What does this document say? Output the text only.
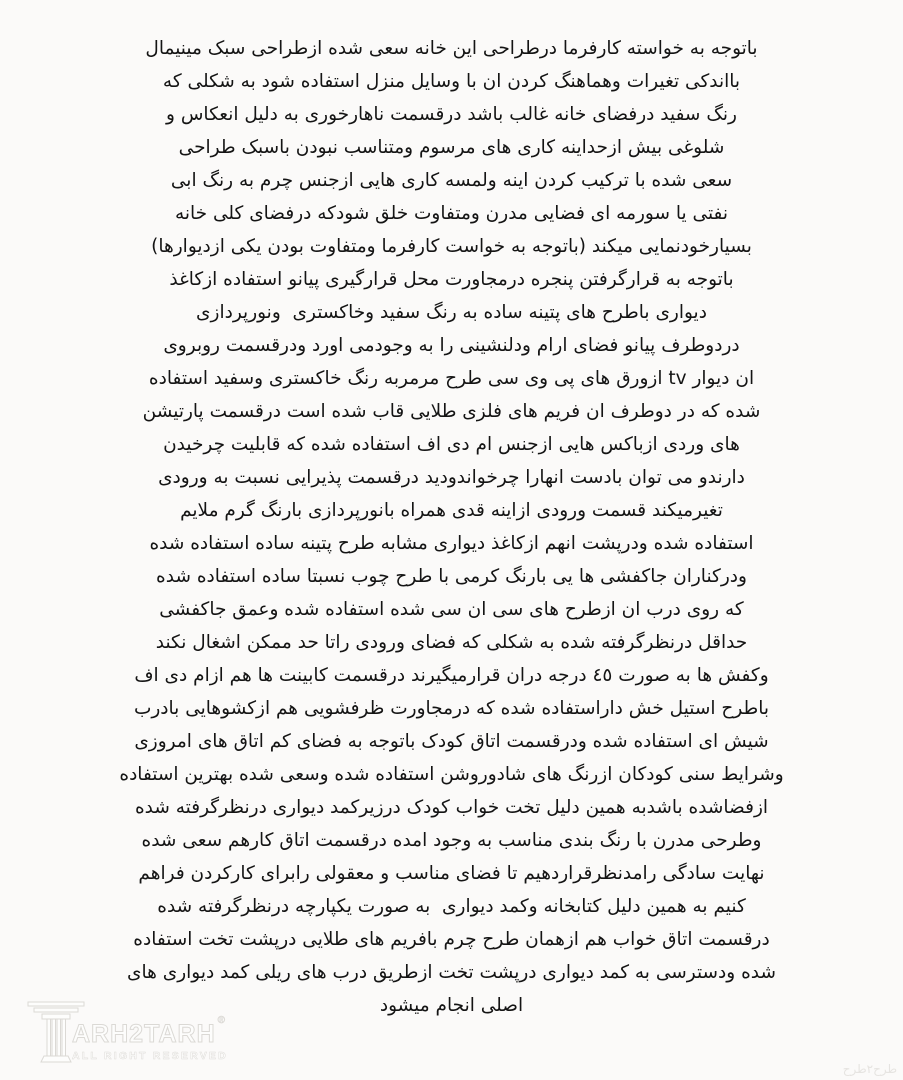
باتوجه به خواسته کارفرما درطراحی این خانه سعی شده ازطراحی سبک مینیمال
بااندکی تغیرات وهماهنگ کردن ان با وسایل منزل استفاده شود به شکلی که
رنگ سفید درفضای خانه غالب باشد درقسمت ناهارخوری به دلیل انعکاس و
شلوغی بیش ازحداینه کاری های مرسوم ومتناسب نبودن باسبک طراحی
سعی شده با ترکیب کردن اینه ولمسه کاری هایی ازجنس چرم به رنگ ابی
نفتی یا سورمه ای فضایی مدرن ومتفاوت خلق شودکه درفضای کلی خانه
بسیارخودنمایی میکند (باتوجه به خواست کارفرما ومتفاوت بودن یکی ازدیوارها)
باتوجه به قرارگرفتن پنجره درمجاورت محل قرارگیری پیانو استفاده ازکاغذ
دیواری باطرح های پتینه ساده به رنگ سفید وخاکستری  ونورپردازی
دردوطرف پیانو فضای ارام ودلنشینی را به وجودمی اورد ودرقسمت روبروی
ان دیوار tv ازورق های پی وی سی طرح مرمربه رنگ خاکستری وسفید استفاده
شده که در دوطرف ان فریم های فلزی طلایی قاب شده است درقسمت پارتیشن
های وردی ازباکس هایی ازجنس ام دی اف استفاده شده که قابلیت چرخیدن
دارندو می توان بادست انهارا چرخواندودید درقسمت پذیرایی نسبت به ورودی
تغیرمیکند قسمت ورودی ازاینه قدی همراه بانورپردازی بارنگ گرم ملایم
استفاده شده ودرپشت انهم ازکاغذ دیواری مشابه طرح پتینه ساده استفاده شده
ودرکناران جاکفشی ها یی بارنگ کرمی با طرح چوب نسبتا ساده استفاده شده
که روی درب ان ازطرح های سی ان سی شده استفاده شده وعمق جاکفشی
حداقل درنظرگرفته شده به شکلی که فضای ورودی راتا حد ممکن اشغال نکند
وکفش ها به صورت ٤٥ درجه دران قرارمیگیرند درقسمت کابینت ها هم ازام دی اف
باطرح استیل خش داراستفاده شده که درمجاورت ظرفشویی هم ازکشوهایی بادرب
شیش ای استفاده شده ودرقسمت اتاق کودک باتوجه به فضای کم اتاق های امروزی
وشرایط سنی کودکان ازرنگ های شادوروشن استفاده شده وسعی شده بهترین استفاده
ازفضاشده باشدبه همین دلیل تخت خواب کودک درزیرکمد دیواری درنظرگرفته شده
وطرحی مدرن با رنگ بندی مناسب به وجود امده درقسمت اتاق کارهم سعی شده
نهایت سادگی رامدنظرقراردهیم تا فضای مناسب و معقولی رابرای کارکردن فراهم
کنیم به همین دلیل کتابخانه وکمد دیواری  به صورت یکپارچه درنظرگرفته شده
درقسمت اتاق خواب هم ازهمان طرح چرم بافریم های طلایی درپشت تخت استفاده
شده ودسترسی به کمد دیواری درپشت تخت ازطریق درب های ریلی کمد دیواری های
اصلی انجام میشود
ARH2TARH ®
ALL RIGHT RESERVED
طرح۲طرح
